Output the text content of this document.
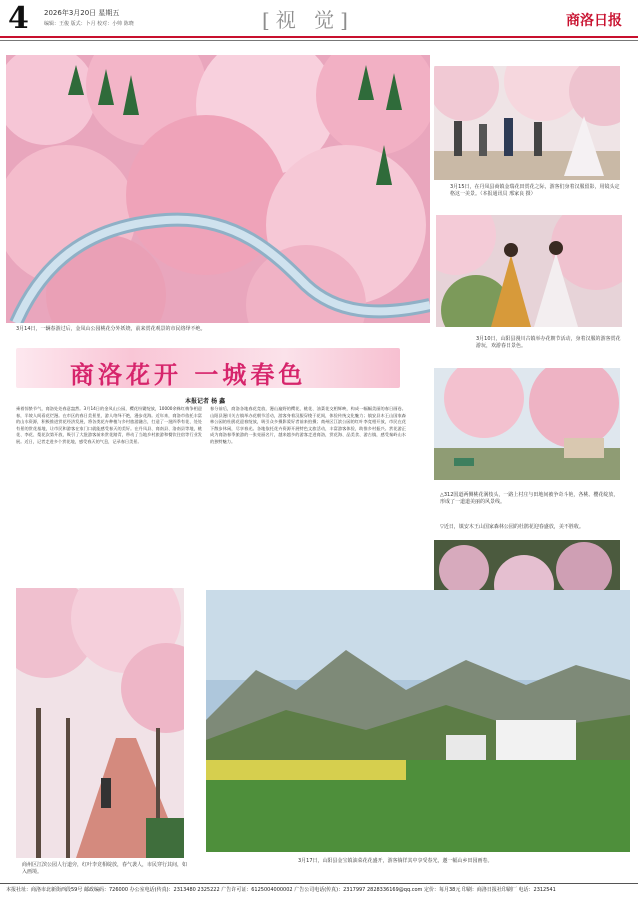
4 2026年3月20日 星期五
编辑：王俊 版式：卜月 校对：小帅 陈晓	[视 觉]	商洛日报
3月14日，一辆春游过后，金凤山公园桃花分外妖娆，前来赏花观景的市民络绎不绝。
3月15日，在丹凤县商镇金瑞花田赏花之际，游客们身着汉服留影，用镜头定格这一美景。（本报通讯员 邢家良 摄）
3月10日，山阳县漫川古镇举办花朝节活动，身着汉服的游客赏花游玩，欢游春日景色。
商洛花开 一城春色
本报记者 杨 鑫
乘着惊蛰节气，商洛处处春意盎然。3月14日的金凤山公园，樱花纷繁绽放，10000余株红梅争相迎春，半坡人间看花烂漫。在市区的春日美景里，游人络绎不绝，漫步花海。近年来，商洛市依托丰富的山水资源，积极推进赏花经济发展，将各类花卉种植与乡村旅游融合，打造了一批四季有花、处处有景的赏花基地，让市民和游客在家门口就能感受春天的美好。在丹凤县、商南县、洛南县等地，桃花、李花、梨花次第开放，吸引了大批游客前来赏花踏青，带动了当地乡村旅游和餐饮住宿等行业发展。近日，记者走进多个赏花地，感受春天的气息，记录春日美景。
春分前后，商洛各地春花竞放，漫山遍野的樱花、桃花、油菜花交相辉映，构成一幅幅美丽的春日画卷。山阳县漫川关古镇举办花朝节活动，游客身着汉服穿梭于花间，体验传统文化魅力；镇安县木王山国家森林公园的杜鹃花迎春绽放，吸引众多摄影爱好者前来拍摄；商州区江滨公园的红叶李竞相开放，市民在花下散步休闲，尽享春光。各地依托花卉资源开展特色文旅活动，丰富游客体验，助推乡村振兴。赏花游正成为商洛春季旅游的一张亮丽名片，越来越多的游客走进商洛，赏花海、品美食、游古镇，感受秦岭山水的独特魅力。
△312国道两侧桃花满枝头，一路上村庄与田地间被争奇斗艳，各桃、樱花绽放，形成了一道道美丽的风景线。
▽近日，镇安木王山国家森林公园的杜鹃花迎春盛放，美不胜收。
商州区江滨公园人行道旁，红叶李竞相绽放，春气袭人，市民穿行其间，如入画境。
3月17日，山阳县金宝镇油菜花花盛开，游客徜徉其中享受春光，邀一幅山乡田园画卷。
本报社址：商洛市北新街西段59号 邮政编码：726000 办公室电话(传真)：2313480 2325222 广告许可证：6125004000002 广告公司电话(传真)：2317997 2828336169@qq.com 定价：每月38元 印刷：商洛日报社印刷厂 电话：2312541
